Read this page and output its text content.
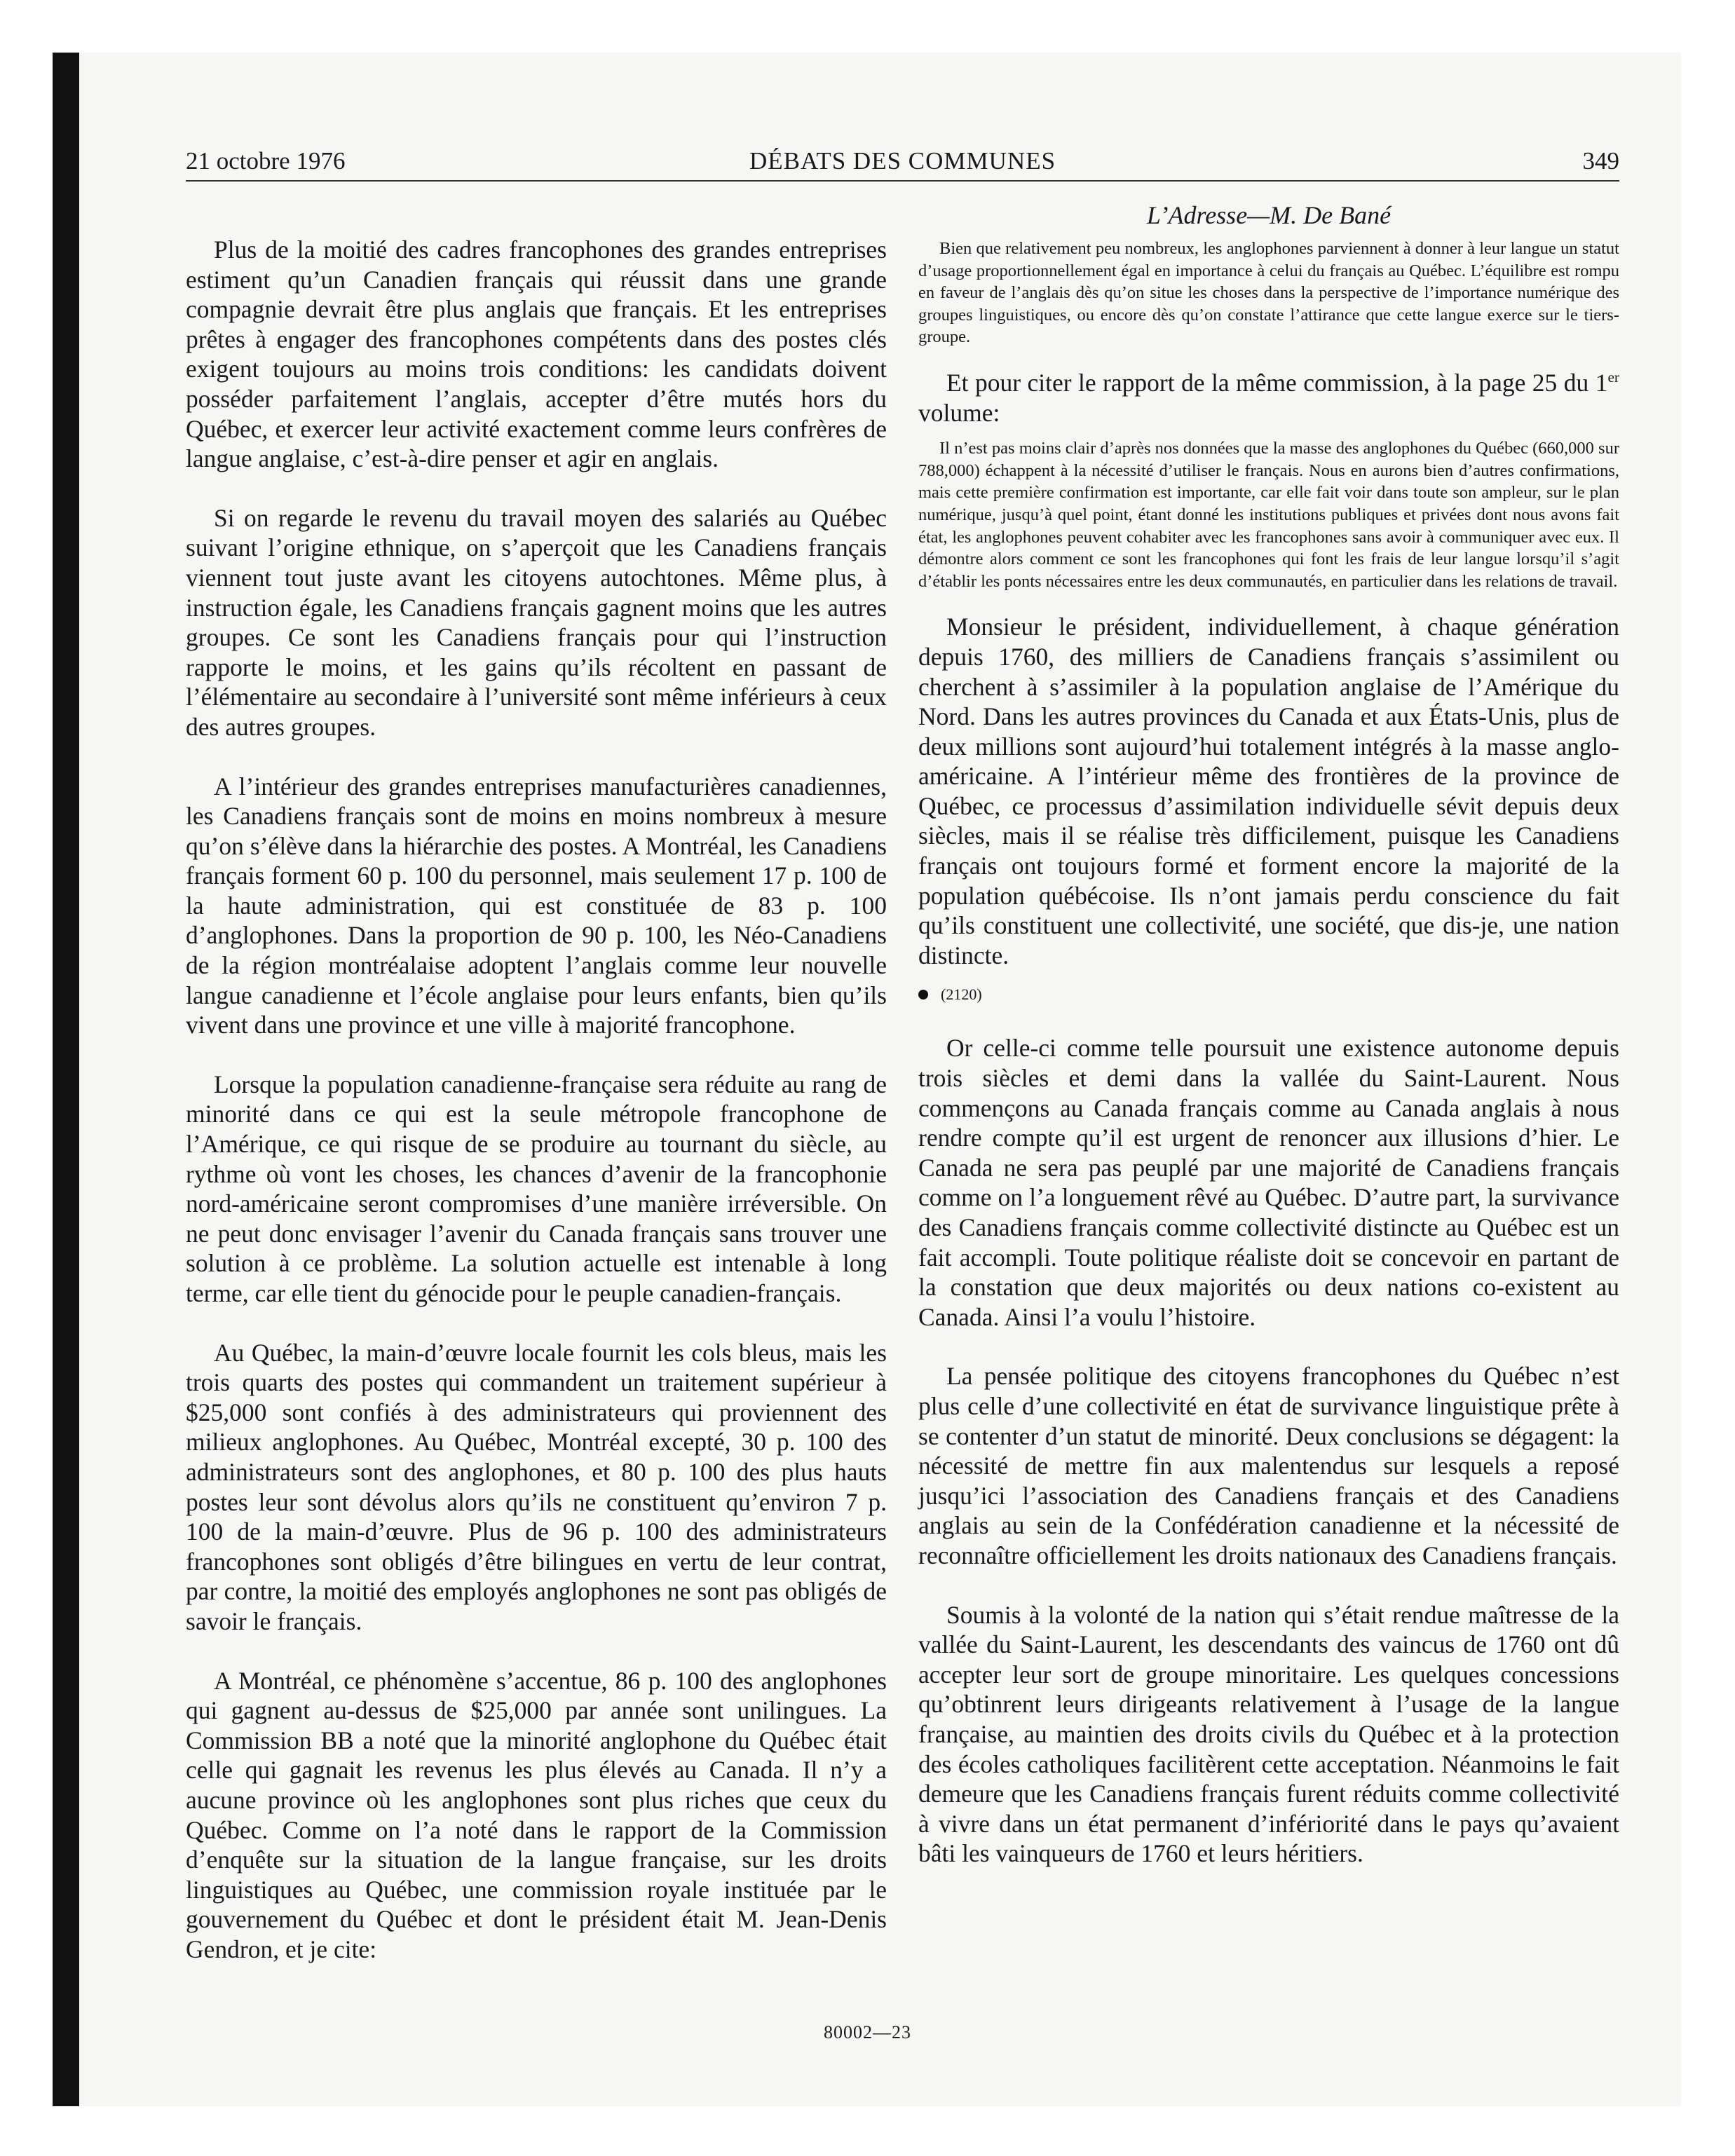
21 octobre 1976	DÉBATS DES COMMUNES	349

Plus de la moitié des cadres francophones des grandes entreprises estiment qu’un Canadien français qui réussit dans une grande compagnie devrait être plus anglais que français. Et les entreprises prêtes à engager des francophones compétents dans des postes clés exigent toujours au moins trois conditions: les candidats doivent posséder parfaitement l’anglais, accepter d’être mutés hors du Québec, et exercer leur activité exactement comme leurs confrères de langue anglaise, c’est-à-dire penser et agir en anglais.

Si on regarde le revenu du travail moyen des salariés au Québec suivant l’origine ethnique, on s’aperçoit que les Canadiens français viennent tout juste avant les citoyens autochtones. Même plus, à instruction égale, les Canadiens français gagnent moins que les autres groupes. Ce sont les Canadiens français pour qui l’instruction rapporte le moins, et les gains qu’ils récoltent en passant de l’élémentaire au secondaire à l’université sont même inférieurs à ceux des autres groupes.

A l’intérieur des grandes entreprises manufacturières canadiennes, les Canadiens français sont de moins en moins nombreux à mesure qu’on s’élève dans la hiérarchie des postes. A Montréal, les Canadiens français forment 60 p. 100 du personnel, mais seulement 17 p. 100 de la haute administration, qui est constituée de 83 p. 100 d’anglophones. Dans la proportion de 90 p. 100, les Néo-Canadiens de la région montréalaise adoptent l’anglais comme leur nouvelle langue canadienne et l’école anglaise pour leurs enfants, bien qu’ils vivent dans une province et une ville à majorité francophone.

Lorsque la population canadienne-française sera réduite au rang de minorité dans ce qui est la seule métropole francophone de l’Amérique, ce qui risque de se produire au tournant du siècle, au rythme où vont les choses, les chances d’avenir de la francophonie nord-américaine seront compromises d’une manière irréversible. On ne peut donc envisager l’avenir du Canada français sans trouver une solution à ce problème. La solution actuelle est intenable à long terme, car elle tient du génocide pour le peuple canadien-français.

Au Québec, la main-d’œuvre locale fournit les cols bleus, mais les trois quarts des postes qui commandent un traitement supérieur à $25,000 sont confiés à des administrateurs qui proviennent des milieux anglophones. Au Québec, Montréal excepté, 30 p. 100 des administrateurs sont des anglophones, et 80 p. 100 des plus hauts postes leur sont dévolus alors qu’ils ne constituent qu’environ 7 p. 100 de la main-d’œuvre. Plus de 96 p. 100 des administrateurs francophones sont obligés d’être bilingues en vertu de leur contrat, par contre, la moitié des employés anglophones ne sont pas obligés de savoir le français.

A Montréal, ce phénomène s’accentue, 86 p. 100 des anglophones qui gagnent au-dessus de $25,000 par année sont unilingues. La Commission BB a noté que la minorité anglophone du Québec était celle qui gagnait les revenus les plus élevés au Canada. Il n’y a aucune province où les anglophones sont plus riches que ceux du Québec. Comme on l’a noté dans le rapport de la Commission d’enquête sur la situation de la langue française, sur les droits linguistiques au Québec, une commission royale instituée par le gouvernement du Québec et dont le président était M. Jean-Denis Gendron, et je cite:

L’Adresse—M. De Bané

Bien que relativement peu nombreux, les anglophones parviennent à donner à leur langue un statut d’usage proportionnellement égal en importance à celui du français au Québec. L’équilibre est rompu en faveur de l’anglais dès qu’on situe les choses dans la perspective de l’importance numérique des groupes linguistiques, ou encore dès qu’on constate l’attirance que cette langue exerce sur le tiers-groupe.

Et pour citer le rapport de la même commission, à la page 25 du 1er volume:

Il n’est pas moins clair d’après nos données que la masse des anglophones du Québec (660,000 sur 788,000) échappent à la nécessité d’utiliser le français. Nous en aurons bien d’autres confirmations, mais cette première confirmation est importante, car elle fait voir dans toute son ampleur, sur le plan numérique, jusqu’à quel point, étant donné les institutions publiques et privées dont nous avons fait état, les anglophones peuvent cohabiter avec les francophones sans avoir à communiquer avec eux. Il démontre alors comment ce sont les francophones qui font les frais de leur langue lorsqu’il s’agit d’établir les ponts nécessaires entre les deux communautés, en particulier dans les relations de travail.

Monsieur le président, individuellement, à chaque génération depuis 1760, des milliers de Canadiens français s’assimilent ou cherchent à s’assimiler à la population anglaise de l’Amérique du Nord. Dans les autres provinces du Canada et aux États-Unis, plus de deux millions sont aujourd’hui totalement intégrés à la masse anglo-américaine. A l’intérieur même des frontières de la province de Québec, ce processus d’assimilation individuelle sévit depuis deux siècles, mais il se réalise très difficilement, puisque les Canadiens français ont toujours formé et forment encore la majorité de la population québécoise. Ils n’ont jamais perdu conscience du fait qu’ils constituent une collectivité, une société, que dis-je, une nation distincte.

(2120)

Or celle-ci comme telle poursuit une existence autonome depuis trois siècles et demi dans la vallée du Saint-Laurent. Nous commençons au Canada français comme au Canada anglais à nous rendre compte qu’il est urgent de renoncer aux illusions d’hier. Le Canada ne sera pas peuplé par une majorité de Canadiens français comme on l’a longuement rêvé au Québec. D’autre part, la survivance des Canadiens français comme collectivité distincte au Québec est un fait accompli. Toute politique réaliste doit se concevoir en partant de la constation que deux majorités ou deux nations co-existent au Canada. Ainsi l’a voulu l’histoire.

La pensée politique des citoyens francophones du Québec n’est plus celle d’une collectivité en état de survivance linguistique prête à se contenter d’un statut de minorité. Deux conclusions se dégagent: la nécessité de mettre fin aux malentendus sur lesquels a reposé jusqu’ici l’association des Canadiens français et des Canadiens anglais au sein de la Confédération canadienne et la nécessité de reconnaître officiellement les droits nationaux des Canadiens français.

Soumis à la volonté de la nation qui s’était rendue maîtresse de la vallée du Saint-Laurent, les descendants des vaincus de 1760 ont dû accepter leur sort de groupe minoritaire. Les quelques concessions qu’obtinrent leurs dirigeants relativement à l’usage de la langue française, au maintien des droits civils du Québec et à la protection des écoles catholiques facilitèrent cette acceptation. Néanmoins le fait demeure que les Canadiens français furent réduits comme collectivité à vivre dans un état permanent d’infériorité dans le pays qu’avaient bâti les vainqueurs de 1760 et leurs héritiers.

80002—23
